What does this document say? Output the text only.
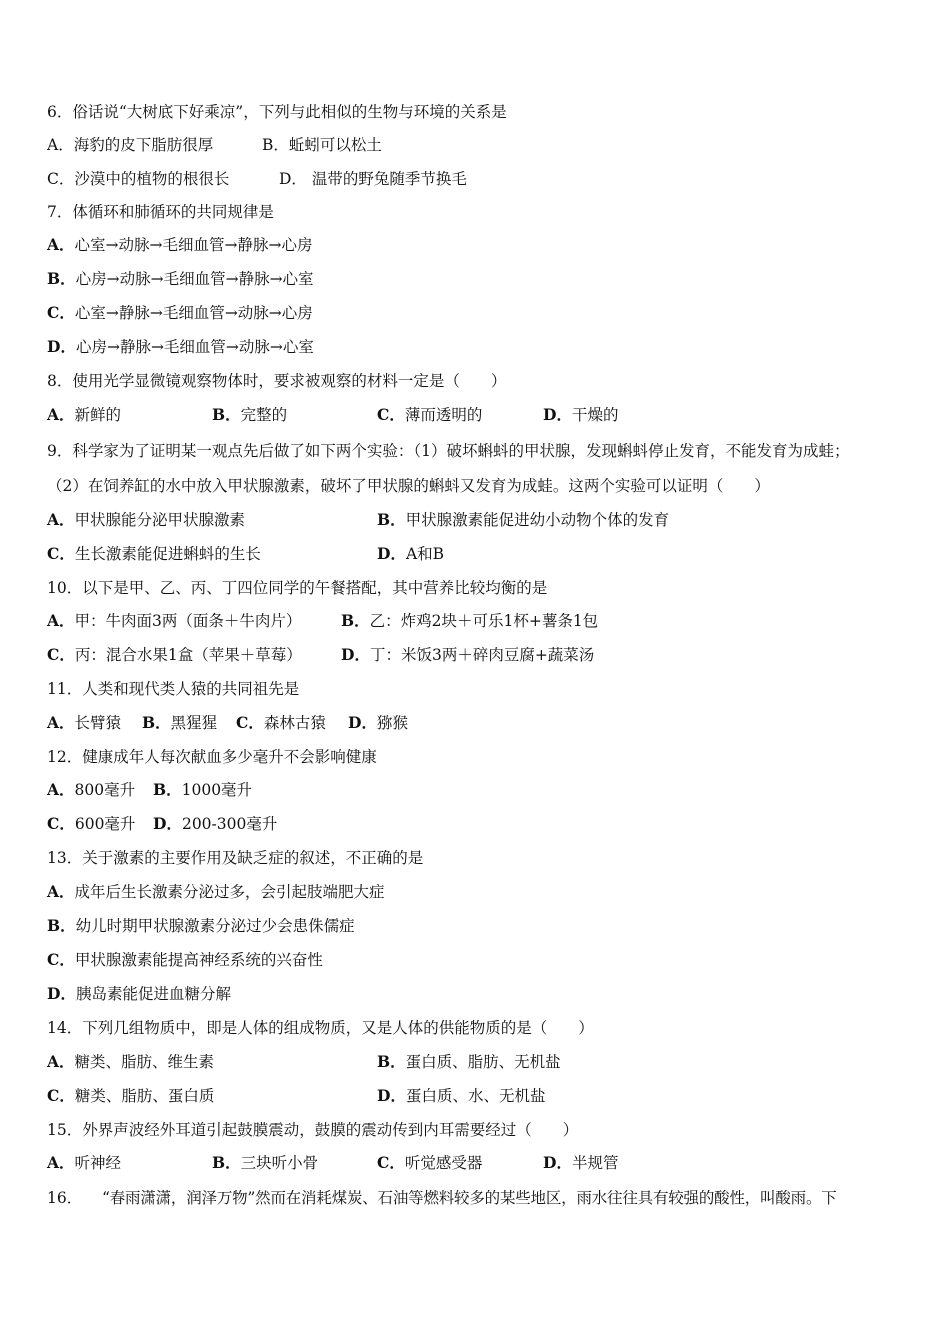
6．俗话说“大树底下好乘凉”，下列与此相似的生物与环境的关系是
A．海豹的皮下脂肪很厚	B．蚯蚓可以松土
C．沙漠中的植物的根很长	D． 温带的野兔随季节换毛
7．体循环和肺循环的共同规律是
A．心室→动脉→毛细血管→静脉→心房
B．心房→动脉→毛细血管→静脉→心室
C．心室→静脉→毛细血管→动脉→心房
D．心房→静脉→毛细血管→动脉→心室
8．使用光学显微镜观察物体时，要求被观察的材料一定是（　　）
A．新鲜的	B．完整的	C．薄而透明的	D．干燥的
9．科学家为了证明某一观点先后做了如下两个实验：（1）破坏蝌蚪的甲状腺，发现蝌蚪停止发育，不能发育为成蛙；
（2）在饲养缸的水中放入甲状腺激素，破坏了甲状腺的蝌蚪又发育为成蛙。这两个实验可以证明（　　）
A．甲状腺能分泌甲状腺激素	B．甲状腺激素能促进幼小动物个体的发育
C．生长激素能促进蝌蚪的生长	D．A和B
10．以下是甲、乙、丙、丁四位同学的午餐搭配，其中营养比较均衡的是
A．甲：牛肉面3两（面条＋牛肉片）	B．乙：炸鸡2块＋可乐1杯+薯条1包
C．丙：混合水果1盒（苹果＋草莓）	D．丁：米饭3两＋碎肉豆腐+蔬菜汤
11．人类和现代类人猿的共同祖先是
A．长臂猿 B．黑猩猩 C．森林古猿 D．猕猴
12．健康成年人每次献血多少毫升不会影响健康
A．800毫升 B．1000毫升
C．600毫升 D．200-300毫升
13．关于激素的主要作用及缺乏症的叙述，不正确的是
A．成年后生长激素分泌过多，会引起肢端肥大症
B．幼儿时期甲状腺激素分泌过少会患侏儒症
C．甲状腺激素能提高神经系统的兴奋性
D．胰岛素能促进血糖分解
14．下列几组物质中，即是人体的组成物质，又是人体的供能物质的是（　　）
A．糖类、脂肪、维生素	B．蛋白质、脂肪、无机盐
C．糖类、脂肪、蛋白质	D．蛋白质、水、无机盐
15．外界声波经外耳道引起鼓膜震动，鼓膜的震动传到内耳需要经过（　　）
A．听神经	B．三块听小骨	C．听觉感受器	D．半规管
16． “春雨潇潇，润泽万物”然而在消耗煤炭、石油等燃料较多的某些地区，雨水往往具有较强的酸性，叫酸雨。下
